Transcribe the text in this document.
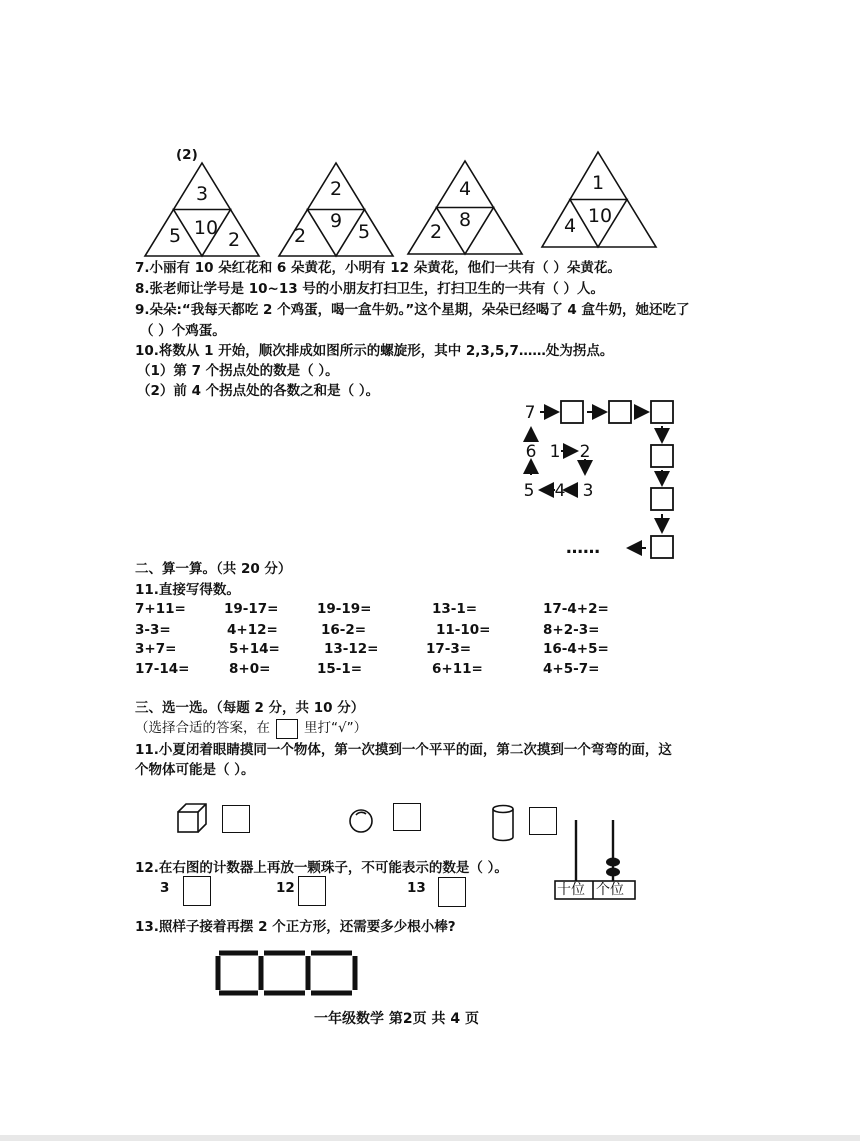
(2)
3
10
5 2
2
9
2	5
4
8
2
1
10
4
7.小丽有 10 朵红花和 6 朵黄花，小明有 12 朵黄花，他们一共有（ ）朵黄花。
8.张老师让学号是 10~13 号的小朋友打扫卫生，打扫卫生的一共有（ ）人。
9.朵朵:“我每天都吃 2 个鸡蛋，喝一盒牛奶。”这个星期，朵朵已经喝了 4 盒牛奶，她还吃了
（ ）个鸡蛋。
10.将数从 1 开始，顺次排成如图所示的螺旋形，其中 2,3,5,7……处为拐点。
（1）第 7 个拐点处的数是（ ）。
（2）前 4 个拐点处的各数之和是（ ）。
7
6 1 2
5 4 3
……
二、算一算。（共 20 分）
11.直接写得数。
7+11=	19-17=	19-19=	13-1=	17-4+2=
3-3=	4+12=	16-2=	11-10=	8+2-3=
3+7=	5+14=	13-12=	17-3=	16-4+5=
17-14=	8+0=	15-1=	6+11=	4+5-7=
三、选一选。（每题 2 分，共 10 分）
（选择合适的答案，在	里打“√”）
11.小夏闭着眼睛摸同一个物体，第一次摸到一个平平的面，第二次摸到一个弯弯的面，这
个物体可能是（ ）。
12.在右图的计数器上再放一颗珠子，不可能表示的数是（ ）。
3	12	13	十位 个位
13.照样子接着再摆 2 个正方形，还需要多少根小棒?
一年级数学 第2页 共 4 页
